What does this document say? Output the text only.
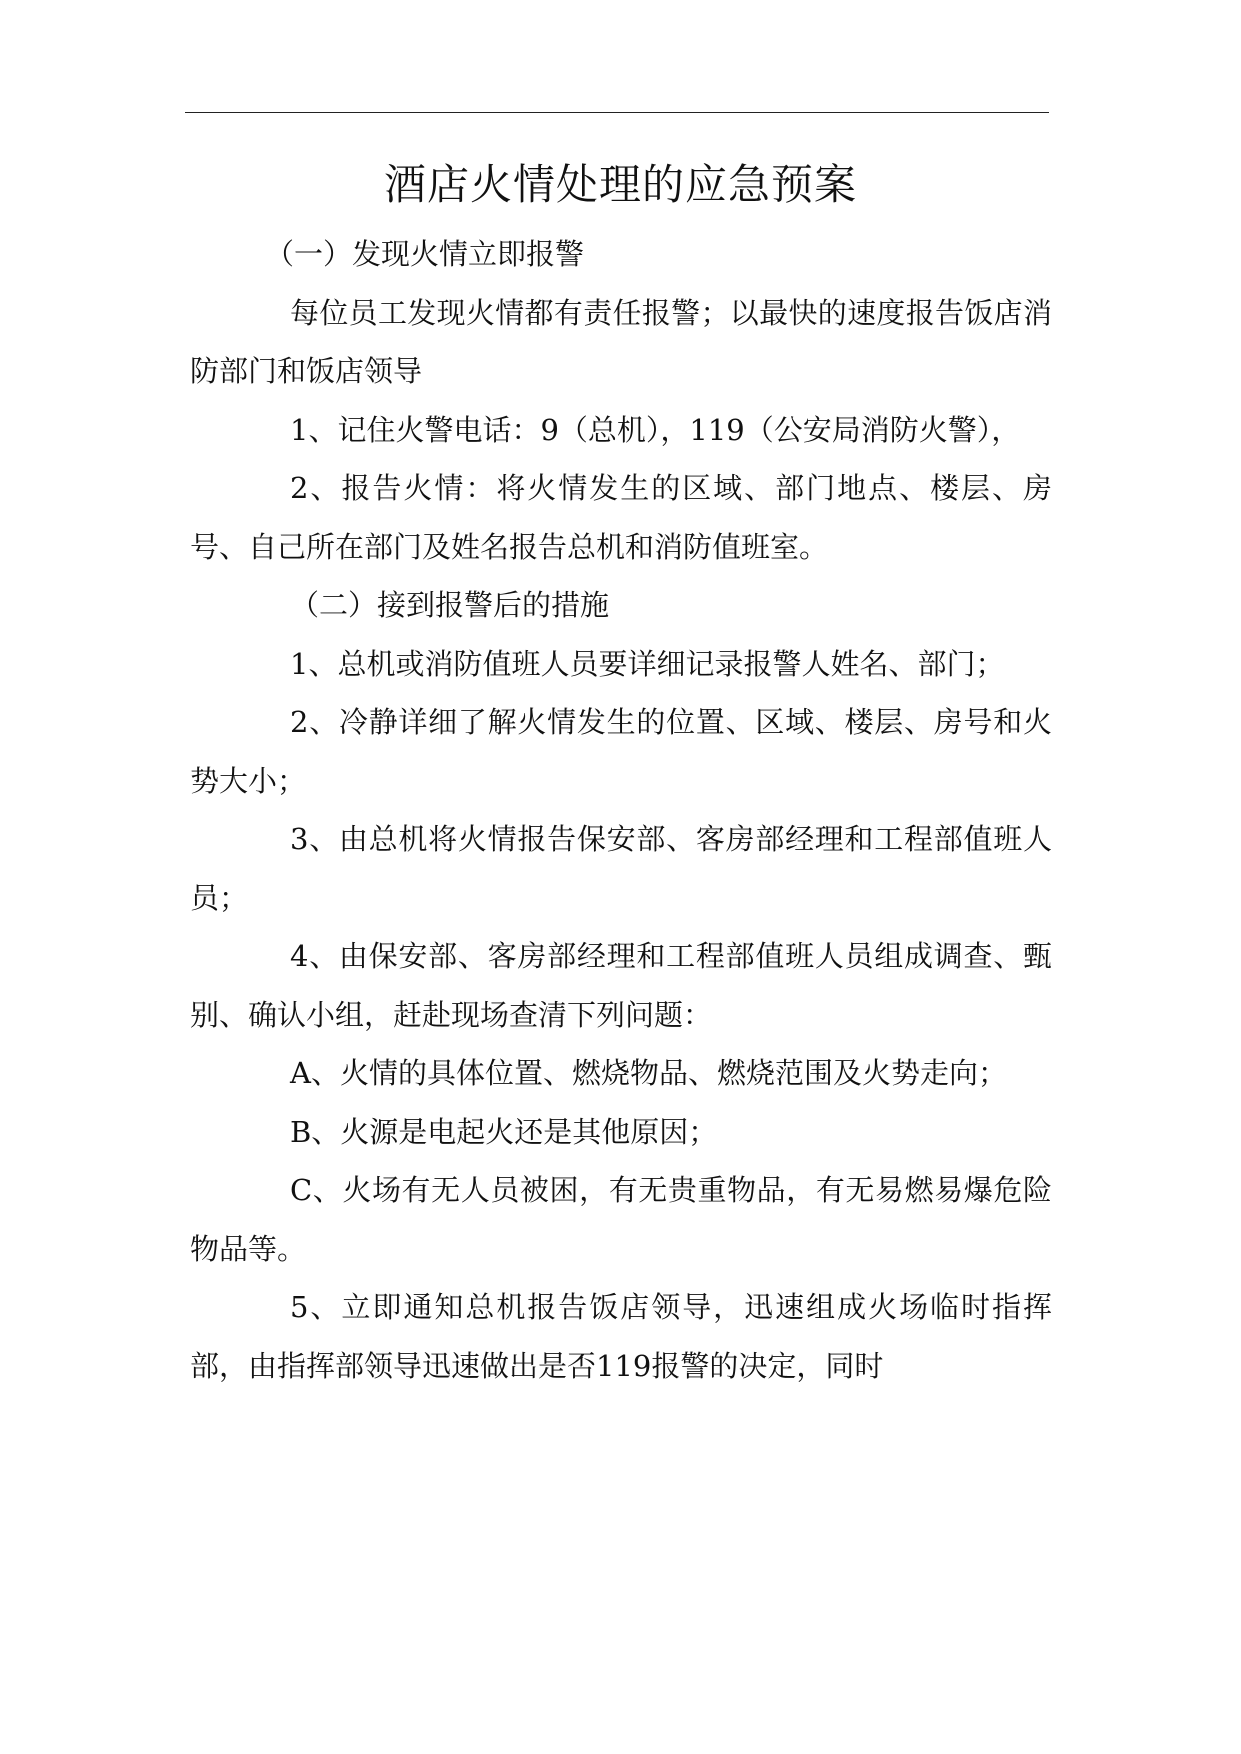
酒店火情处理的应急预案

（一）发现火情立即报警

每位员工发现火情都有责任报警；以最快的速度报告饭店消防部门和饭店领导

1、记住火警电话：9（总机），119（公安局消防火警），

2、报告火情：将火情发生的区域、部门地点、楼层、房号、自己所在部门及姓名报告总机和消防值班室。

（二）接到报警后的措施

1、总机或消防值班人员要详细记录报警人姓名、部门；

2、冷静详细了解火情发生的位置、区域、楼层、房号和火势大小；

3、由总机将火情报告保安部、客房部经理和工程部值班人员；

4、由保安部、客房部经理和工程部值班人员组成调查、甄别、确认小组，赶赴现场查清下列问题：

A、火情的具体位置、燃烧物品、燃烧范围及火势走向；

B、火源是电起火还是其他原因；

C、火场有无人员被困，有无贵重物品，有无易燃易爆危险物品等。

5、立即通知总机报告饭店领导，迅速组成火场临时指挥部，由指挥部领导迅速做出是否119报警的决定，同时
